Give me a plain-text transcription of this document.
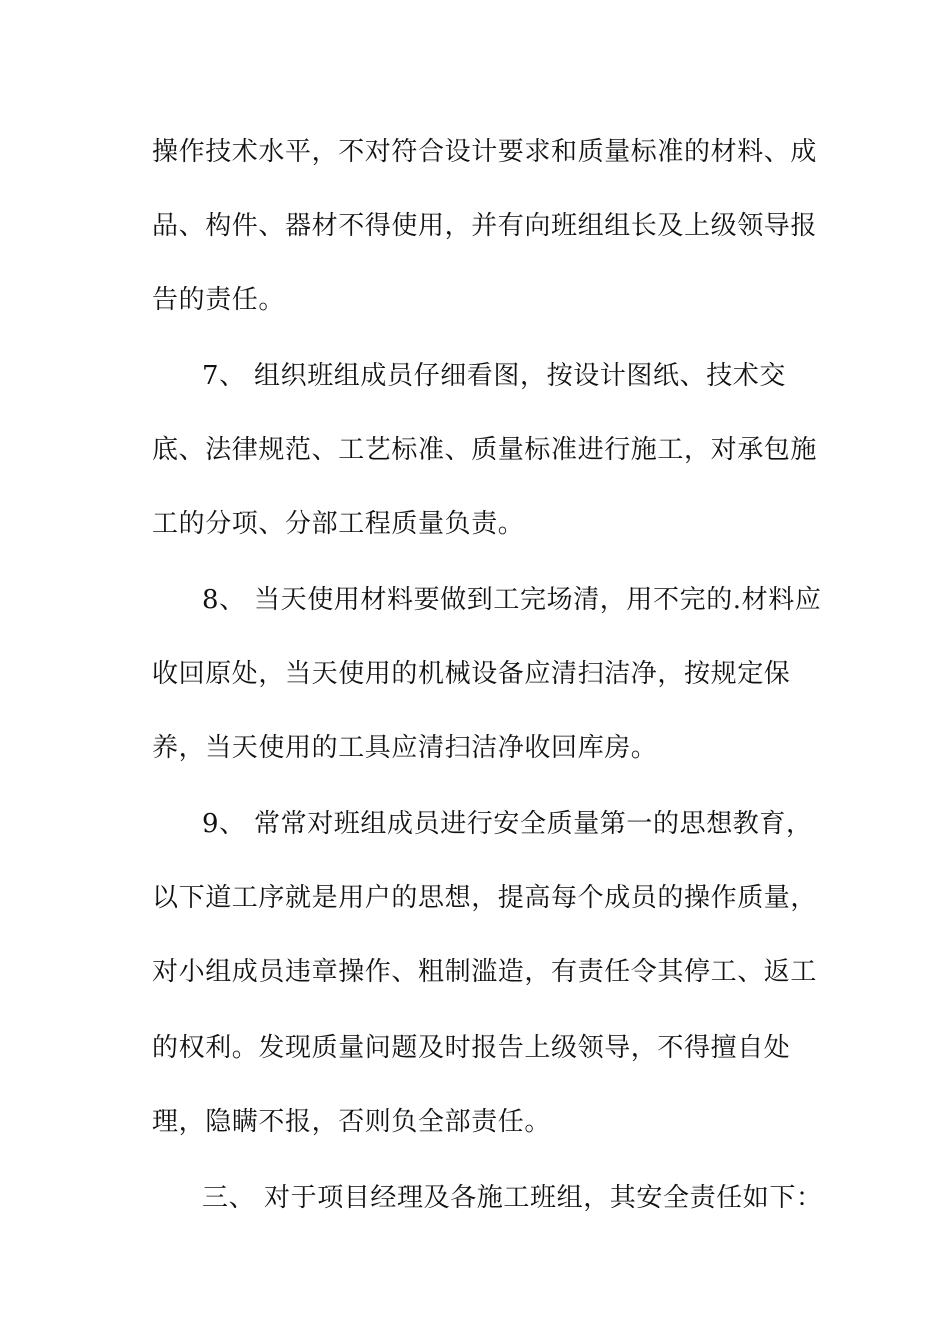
操作技术水平，不对符合设计要求和质量标准的材料、成
品、构件、器材不得使用，并有向班组组长及上级领导报
告的责任。
7、 组织班组成员仔细看图，按设计图纸、技术交
底、法律规范、工艺标准、质量标准进行施工，对承包施
工的分项、分部工程质量负责。
8、 当天使用材料要做到工完场清，用不完的.材料应
收回原处，当天使用的机械设备应清扫洁净，按规定保
养，当天使用的工具应清扫洁净收回库房。
9、 常常对班组成员进行安全质量第一的思想教育，
以下道工序就是用户的思想，提高每个成员的操作质量，
对小组成员违章操作、粗制滥造，有责任令其停工、返工
的权利。发现质量问题及时报告上级领导，不得擅自处
理，隐瞒不报，否则负全部责任。
三、 对于项目经理及各施工班组，其安全责任如下：
